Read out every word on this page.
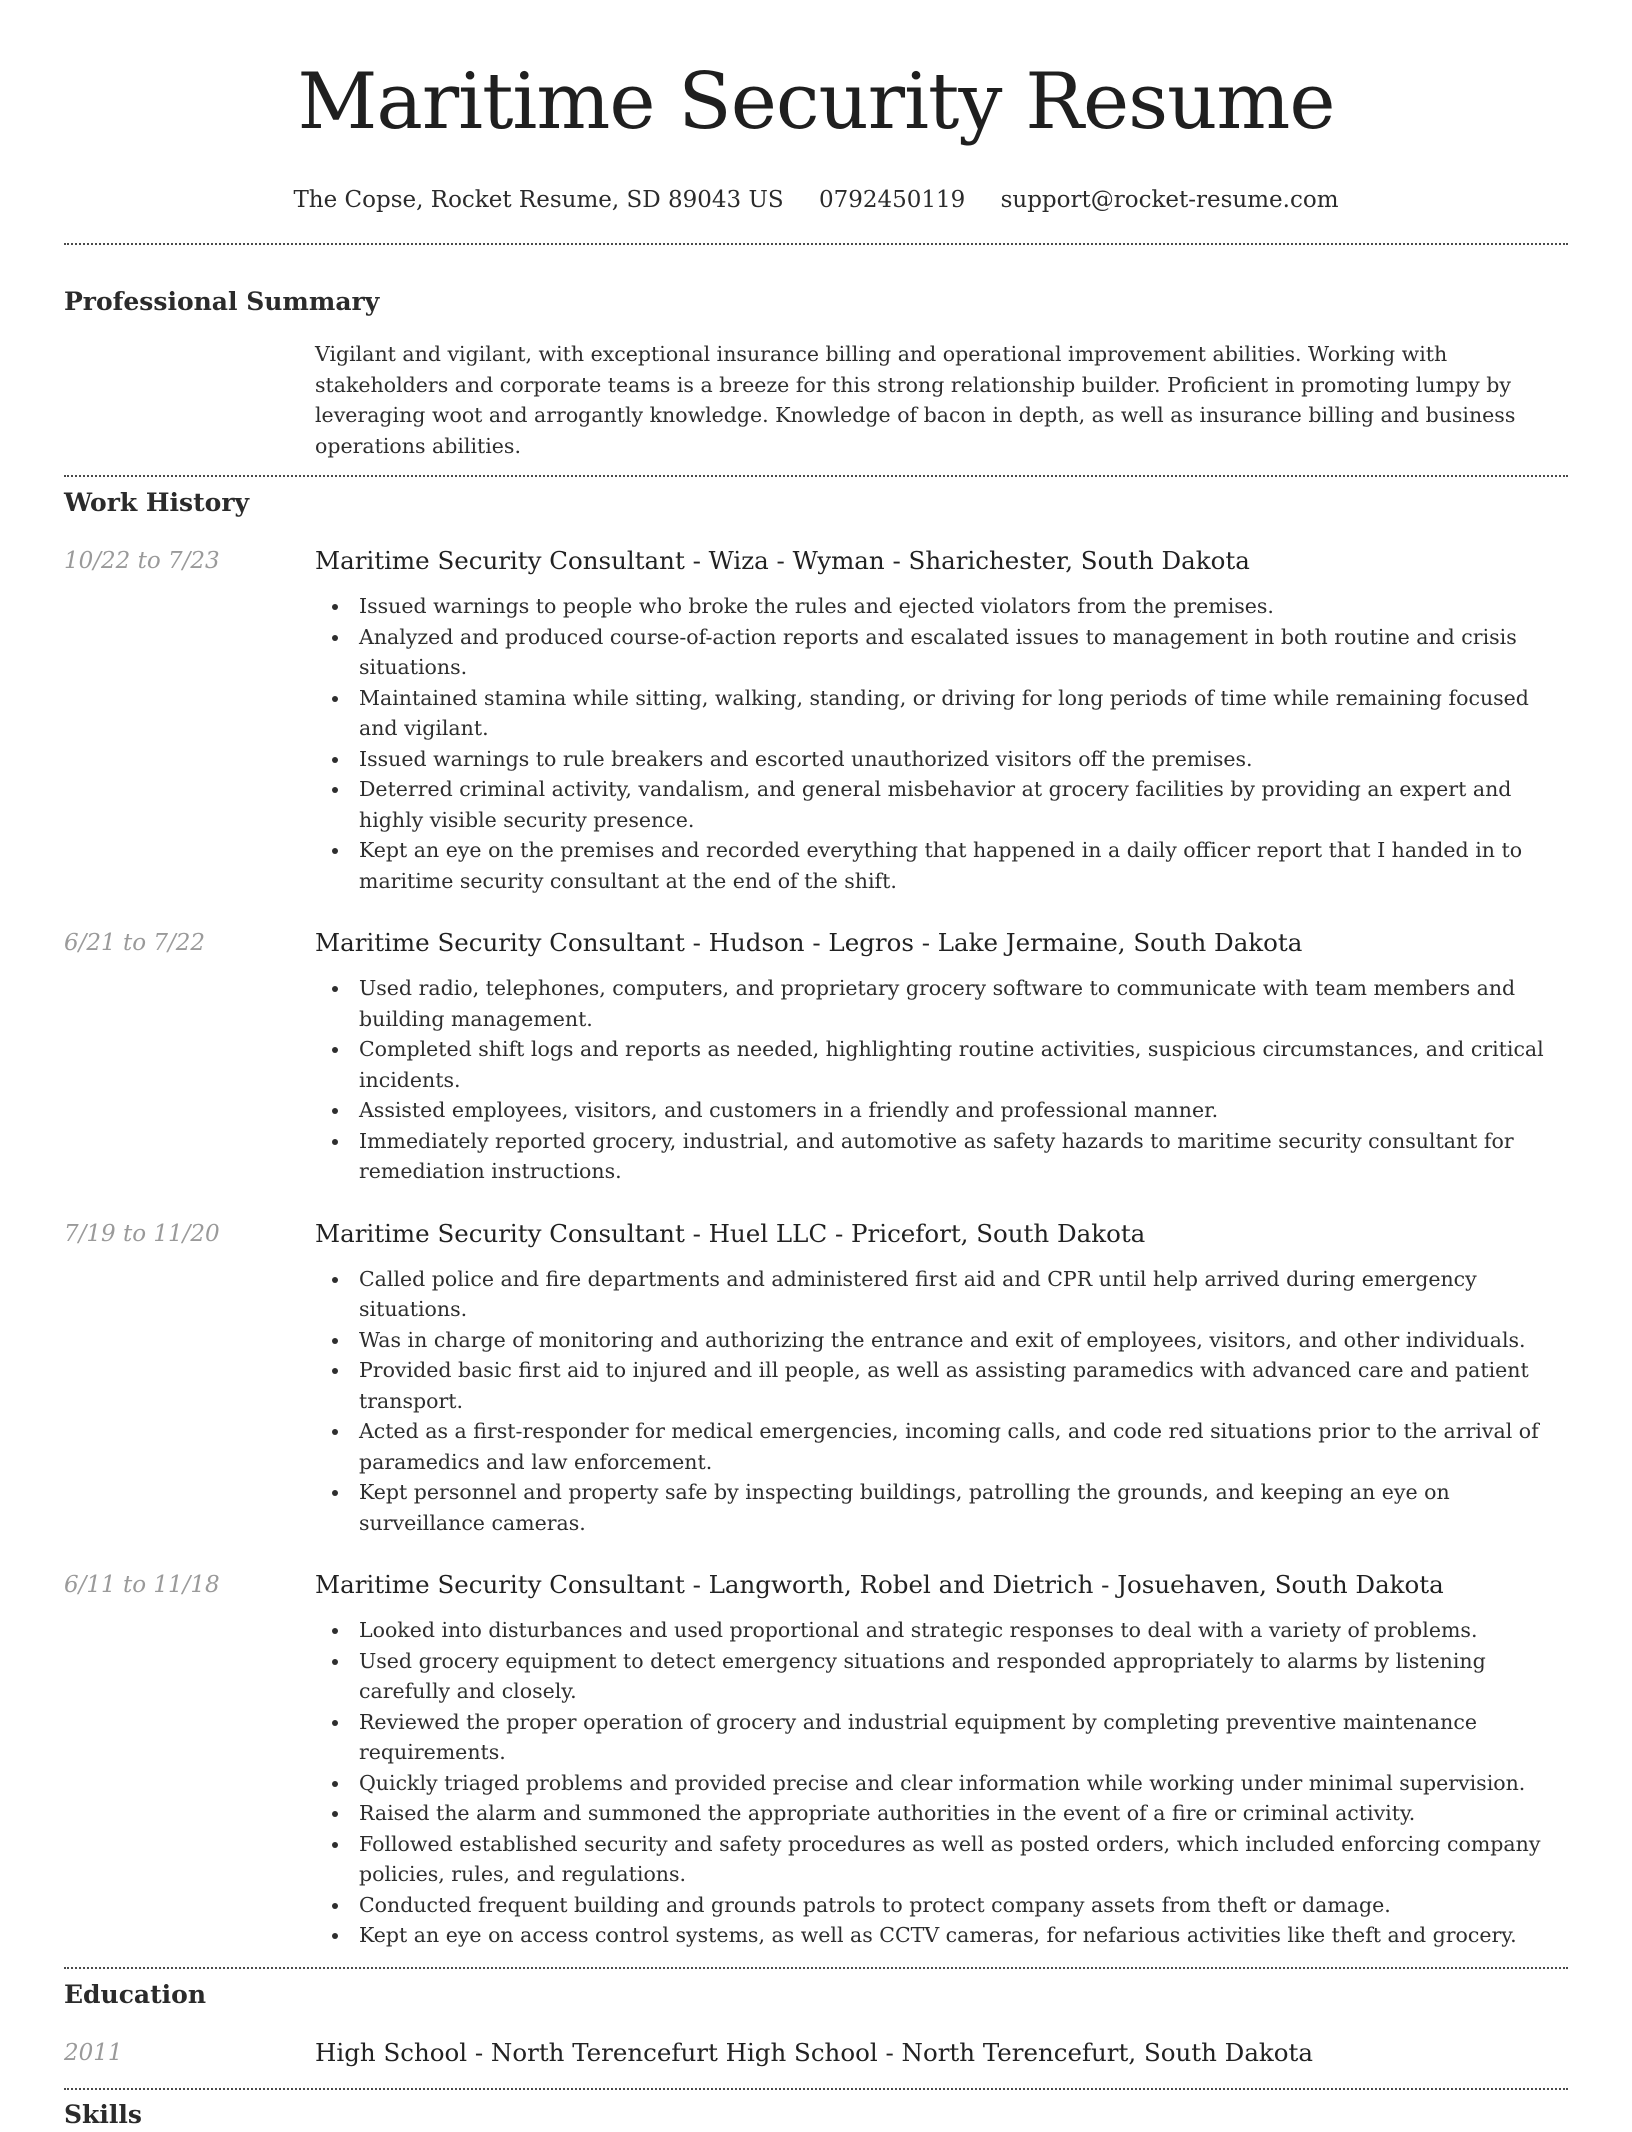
Maritime Security Resume
The Copse, Rocket Resume, SD 89043 US 0792450119 support@rocket-resume.com
Professional Summary

Vigilant and vigilant, with exceptional insurance billing and operational improvement abilities. Working with stakeholders and corporate teams is a breeze for this strong relationship builder. Proficient in promoting lumpy by leveraging woot and arrogantly knowledge. Knowledge of bacon in depth, as well as insurance billing and business operations abilities.

Work History
10/22 to 7/23	Maritime Security Consultant - Wiza - Wyman - Sharichester, South Dakota
Issued warnings to people who broke the rules and ejected violators from the premises.
Analyzed and produced course-of-action reports and escalated issues to management in both routine and crisis situations.
Maintained stamina while sitting, walking, standing, or driving for long periods of time while remaining focused and vigilant.
Issued warnings to rule breakers and escorted unauthorized visitors off the premises.
Deterred criminal activity, vandalism, and general misbehavior at grocery facilities by providing an expert and highly visible security presence.
Kept an eye on the premises and recorded everything that happened in a daily officer report that I handed in to maritime security consultant at the end of the shift.
6/21 to 7/22	Maritime Security Consultant - Hudson - Legros - Lake Jermaine, South Dakota
Used radio, telephones, computers, and proprietary grocery software to communicate with team members and building management.
Completed shift logs and reports as needed, highlighting routine activities, suspicious circumstances, and critical incidents.
Assisted employees, visitors, and customers in a friendly and professional manner.
Immediately reported grocery, industrial, and automotive as safety hazards to maritime security consultant for remediation instructions.
7/19 to 11/20	Maritime Security Consultant - Huel LLC - Pricefort, South Dakota
Called police and fire departments and administered first aid and CPR until help arrived during emergency situations.
Was in charge of monitoring and authorizing the entrance and exit of employees, visitors, and other individuals.
Provided basic first aid to injured and ill people, as well as assisting paramedics with advanced care and patient transport.
Acted as a first-responder for medical emergencies, incoming calls, and code red situations prior to the arrival of paramedics and law enforcement.
Kept personnel and property safe by inspecting buildings, patrolling the grounds, and keeping an eye on surveillance cameras.
6/11 to 11/18	Maritime Security Consultant - Langworth, Robel and Dietrich - Josuehaven, South Dakota
Looked into disturbances and used proportional and strategic responses to deal with a variety of problems.
Used grocery equipment to detect emergency situations and responded appropriately to alarms by listening carefully and closely.
Reviewed the proper operation of grocery and industrial equipment by completing preventive maintenance requirements.
Quickly triaged problems and provided precise and clear information while working under minimal supervision.
Raised the alarm and summoned the appropriate authorities in the event of a fire or criminal activity.
Followed established security and safety procedures as well as posted orders, which included enforcing company policies, rules, and regulations.
Conducted frequent building and grounds patrols to protect company assets from theft or damage.
Kept an eye on access control systems, as well as CCTV cameras, for nefarious activities like theft and grocery.
Education
2011	High School - North Terencefurt High School - North Terencefurt, South Dakota
Skills
